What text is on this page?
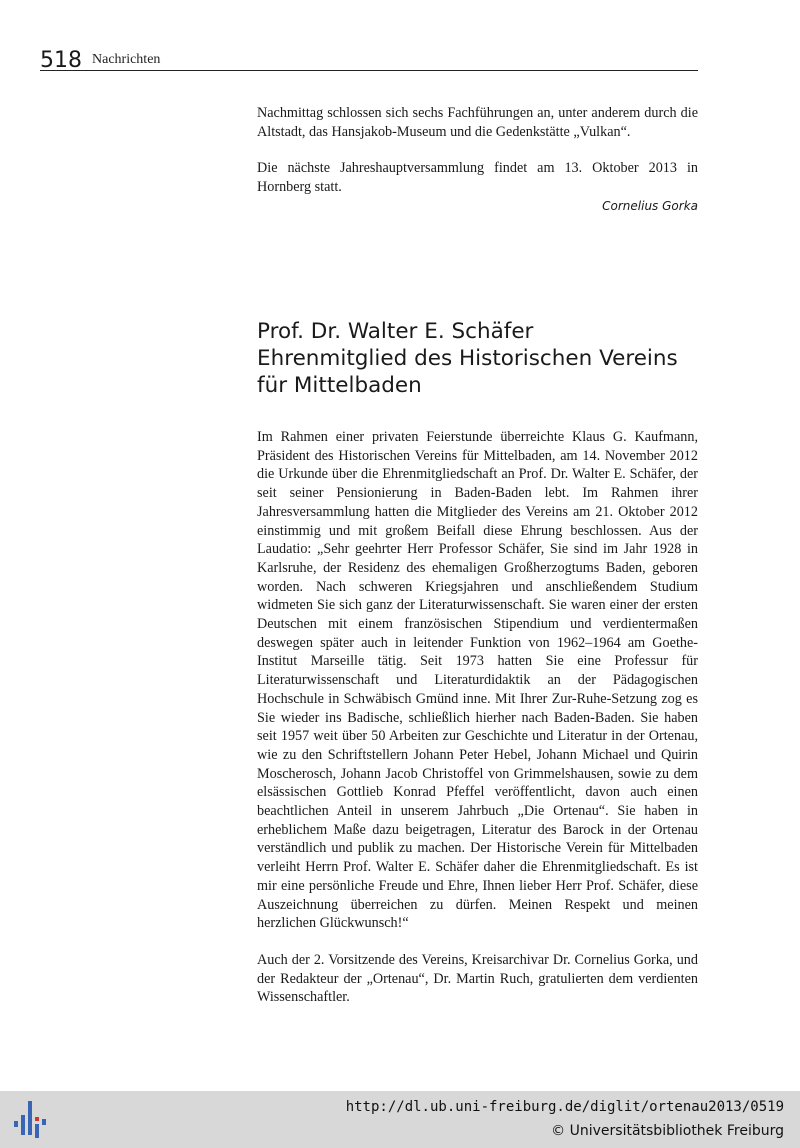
518 Nachrichten

Nachmittag schlossen sich sechs Fachführungen an, unter anderem durch die Altstadt, das Hansjakob-Museum und die Gedenkstätte „Vulkan“.

Die nächste Jahreshauptversammlung findet am 13. Oktober 2013 in Hornberg statt.

Cornelius Gorka

Prof. Dr. Walter E. Schäfer
Ehrenmitglied des Historischen Vereins
für Mittelbaden

Im Rahmen einer privaten Feierstunde überreichte Klaus G. Kaufmann, Präsident des Historischen Vereins für Mittelbaden, am 14. November 2012 die Urkunde über die Ehrenmitgliedschaft an Prof. Dr. Walter E. Schäfer, der seit seiner Pensionierung in Baden-Baden lebt. Im Rahmen ihrer Jahresversammlung hatten die Mitglieder des Vereins am 21. Oktober 2012 einstimmig und mit großem Beifall diese Ehrung beschlossen. Aus der Laudatio: „Sehr geehrter Herr Professor Schäfer, Sie sind im Jahr 1928 in Karlsruhe, der Residenz des ehemaligen Großherzogtums Baden, geboren worden. Nach schweren Kriegsjahren und anschließendem Studium widmeten Sie sich ganz der Literaturwissenschaft. Sie waren einer der ersten Deutschen mit einem französischen Stipendium und verdientermaßen deswegen später auch in leitender Funktion von 1962–1964 am Goethe-Institut Marseille tätig. Seit 1973 hatten Sie eine Professur für Literaturwissenschaft und Literaturdidaktik an der Pädagogischen Hochschule in Schwäbisch Gmünd inne. Mit Ihrer Zur-Ruhe-Setzung zog es Sie wieder ins Badische, schließlich hierher nach Baden-Baden. Sie haben seit 1957 weit über 50 Arbeiten zur Geschichte und Literatur in der Ortenau, wie zu den Schriftstellern Johann Peter Hebel, Johann Michael und Quirin Moscherosch, Johann Jacob Christoffel von Grimmelshausen, sowie zu dem elsässischen Gottlieb Konrad Pfeffel veröffentlicht, davon auch einen beachtlichen Anteil in unserem Jahrbuch „Die Ortenau“. Sie haben in erheblichem Maße dazu beigetragen, Literatur des Barock in der Ortenau verständlich und publik zu machen. Der Historische Verein für Mittelbaden verleiht Herrn Prof. Walter E. Schäfer daher die Ehrenmitgliedschaft. Es ist mir eine persönliche Freude und Ehre, Ihnen lieber Herr Prof. Schäfer, diese Auszeichnung überreichen zu dürfen. Meinen Respekt und meinen herzlichen Glückwunsch!“

Auch der 2. Vorsitzende des Vereins, Kreisarchivar Dr. Cornelius Gorka, und der Redakteur der „Ortenau“, Dr. Martin Ruch, gratulierten dem verdienten Wissenschaftler.

http://dl.ub.uni-freiburg.de/diglit/ortenau2013/0519
© Universitätsbibliothek Freiburg
